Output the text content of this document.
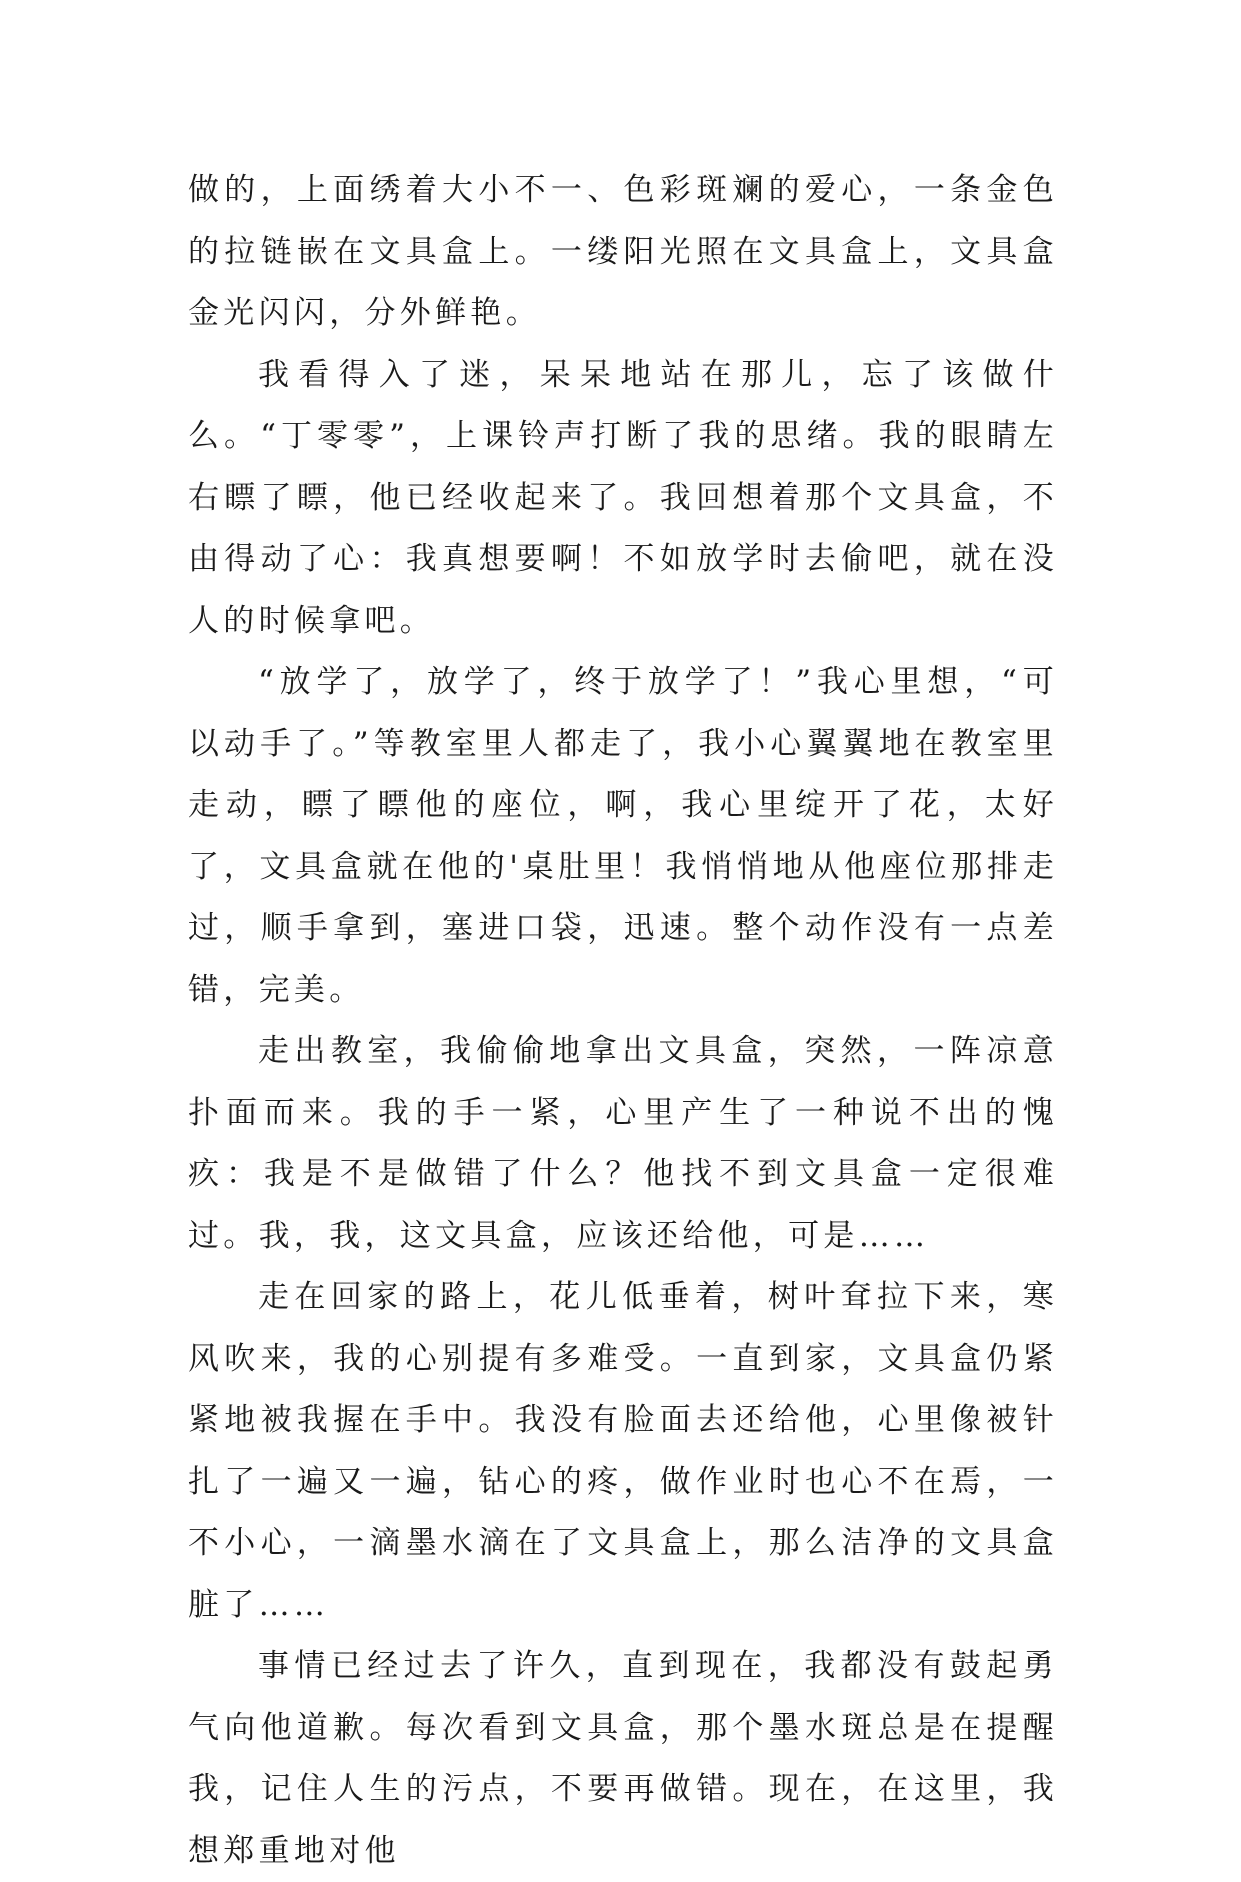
做的，上面绣着大小不一、色彩斑斓的爱心，一条金色的拉链嵌在文具盒上。一缕阳光照在文具盒上，文具盒金光闪闪，分外鲜艳。

我看得入了迷，呆呆地站在那儿，忘了该做什么。“丁零零”，上课铃声打断了我的思绪。我的眼睛左右瞟了瞟，他已经收起来了。我回想着那个文具盒，不由得动了心：我真想要啊！不如放学时去偷吧，就在没人的时候拿吧。

“放学了，放学了，终于放学了！”我心里想，“可以动手了。”等教室里人都走了，我小心翼翼地在教室里走动，瞟了瞟他的座位，啊，我心里绽开了花，太好了，文具盒就在他的'桌肚里！我悄悄地从他座位那排走过，顺手拿到，塞进口袋，迅速。整个动作没有一点差错，完美。

走出教室，我偷偷地拿出文具盒，突然，一阵凉意扑面而来。我的手一紧，心里产生了一种说不出的愧疚：我是不是做错了什么？他找不到文具盒一定很难过。我，我，这文具盒，应该还给他，可是……

走在回家的路上，花儿低垂着，树叶耷拉下来，寒风吹来，我的心别提有多难受。一直到家，文具盒仍紧紧地被我握在手中。我没有脸面去还给他，心里像被针扎了一遍又一遍，钻心的疼，做作业时也心不在焉，一不小心，一滴墨水滴在了文具盒上，那么洁净的文具盒脏了……

事情已经过去了许久，直到现在，我都没有鼓起勇气向他道歉。每次看到文具盒，那个墨水斑总是在提醒我，记住人生的污点，不要再做错。现在，在这里，我想郑重地对他
